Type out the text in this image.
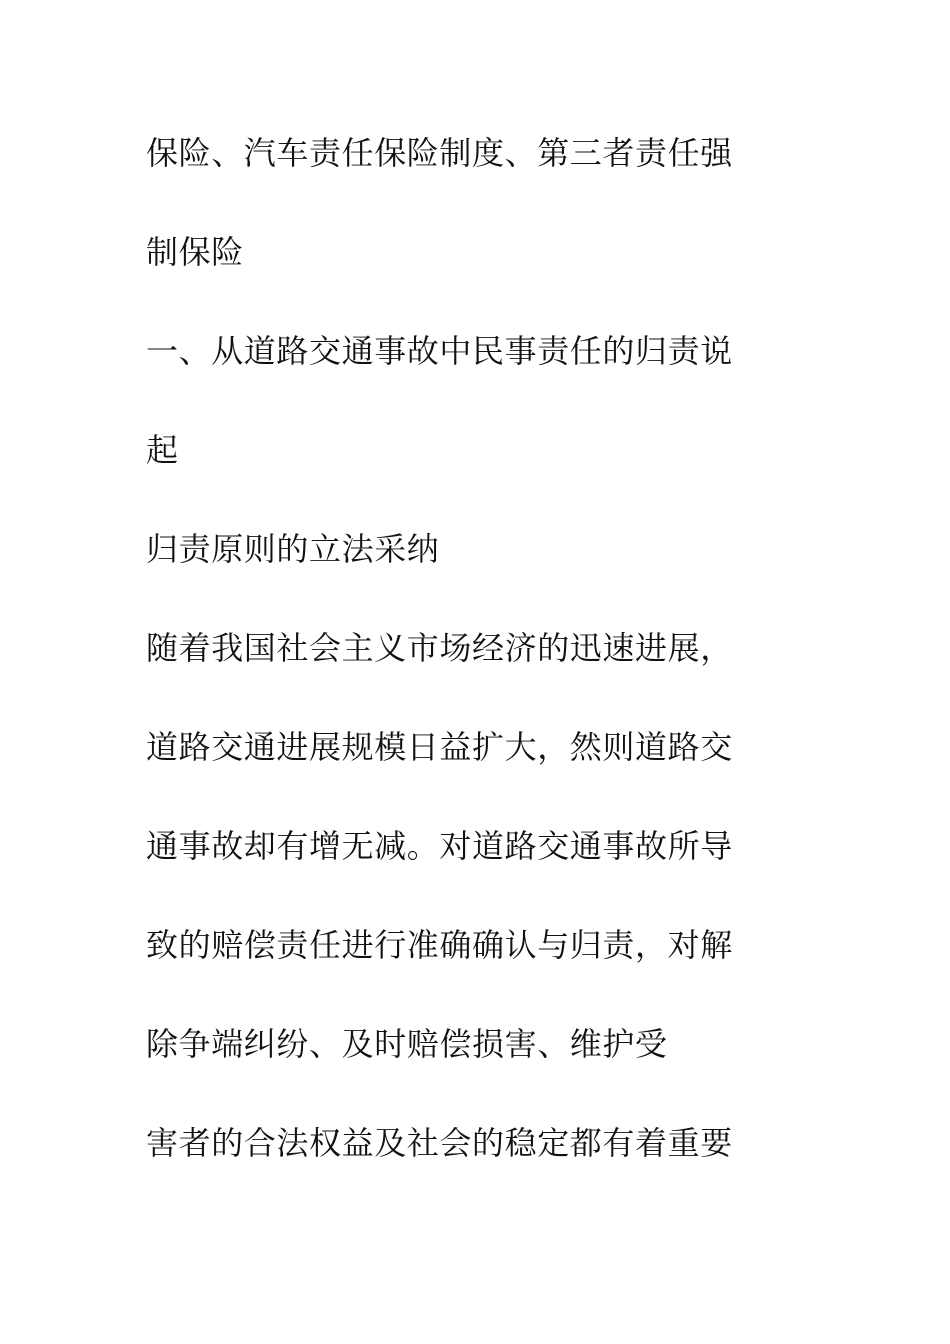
保险、汽车责任保险制度、第三者责任强
制保险
一、从道路交通事故中民事责任的归责说
起
归责原则的立法采纳
随着我国社会主义市场经济的迅速进展，
道路交通进展规模日益扩大，然则道路交
通事故却有增无减。对道路交通事故所导
致的赔偿责任进行准确确认与归责，对解
除争端纠纷、及时赔偿损害、维护受
害者的合法权益及社会的稳定都有着重要
